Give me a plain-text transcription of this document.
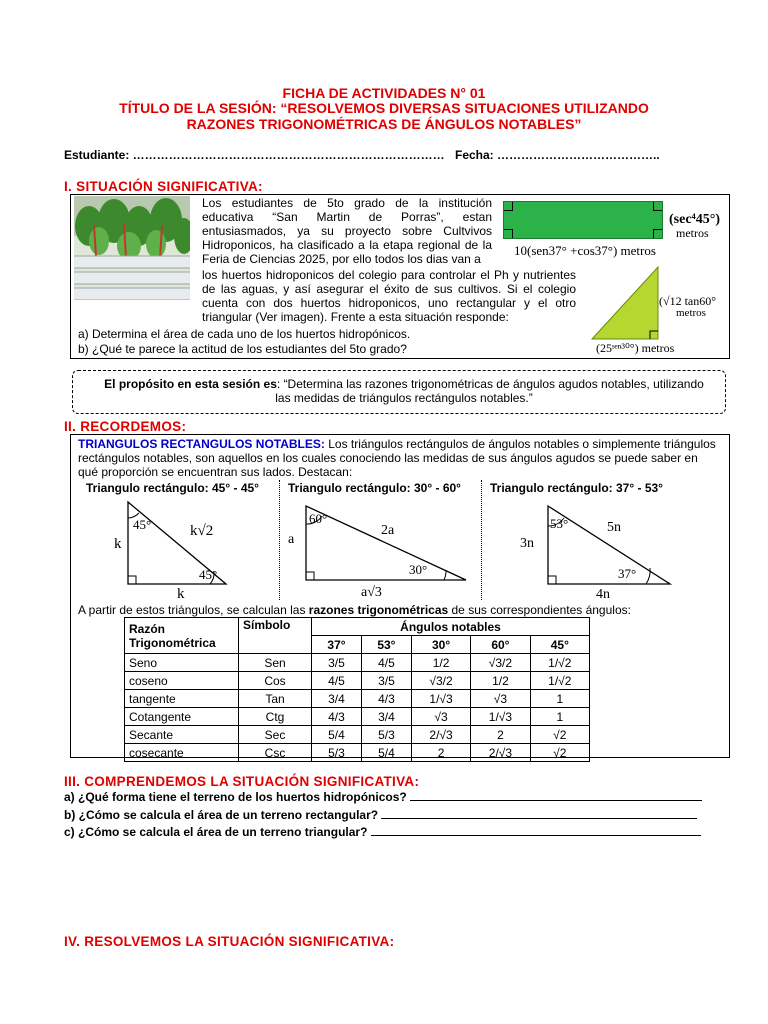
FICHA DE ACTIVIDADES N° 01
TÍTULO DE LA SESIÓN: “RESOLVEMOS DIVERSAS SITUACIONES UTILIZANDO
RAZONES TRIGONOMÉTRICAS DE ÁNGULOS NOTABLES”
Estudiante: …………………………………………………………………… Fecha: …………………………………..
I. SITUACIÓN SIGNIFICATIVA:
Los estudiantes de 5to grado de la institución educativa “San Martin de Porras”, estan entusiasmados, ya su proyecto sobre Cultvivos Hidroponicos, ha clasificado a la etapa regional de la Feria de Ciencias 2025, por ello todos los dias van a
los huertos hidroponicos del colegio para controlar el Ph y nutrientes de las aguas, y así asegurar el éxito de sus cultivos. Si el colegio cuenta con dos huertos hidroponicos, uno rectangular y el otro triangular (Ver imagen). Frente a esta situación responde:
a) Determina el área de cada uno de los huertos hidropónicos.
b) ¿Qué te parece la actitud de los estudiantes del 5to grado?
(sec⁴45°)
metros
10(sen37° +cos37°) metros
(√12 tan60°
metros
(25ˢᵉⁿ³⁰°) metros
El propósito en esta sesión es: “Determina las razones trigonométricas de ángulos agudos notables, utilizando las medidas de triángulos rectángulos notables.”
II. RECORDEMOS:
TRIANGULOS RECTANGULOS NOTABLES: Los triángulos rectángulos de ángulos notables o simplemente triángulos rectángulos notables, son aquellos en los cuales conociendo las medidas de sus ángulos agudos se puede saber en qué proporción se encuentran sus lados. Destacan:
Triangulo rectángulo: 45° - 45° Triangulo rectángulo: 30° - 60° Triangulo rectángulo: 37° - 53°
45°
45°
k
k
k√2
60°
30°
a
a√3
2a	53°
37°
3n
4n
5n
A partir de estos triángulos, se calculan las razones trigonométricas de sus correspondientes ángulos:
Razón Trigonométrica	Símbolo	Ángulos notables				
		37°	53°	30°	60°	45°
Seno	Sen	3/5	4/5	1/2	√3/2	1/√2
coseno	Cos	4/5	3/5	√3/2	1/2	1/√2
tangente	Tan	3/4	4/3	1/√3	√3	1
Cotangente	Ctg	4/3	3/4	√3	1/√3	1
Secante	Sec	5/4	5/3	2/√3	2	√2
cosecante	Csc	5/3	5/4	2	2/√3	√2
III. COMPRENDEMOS LA SITUACIÓN SIGNIFICATIVA:
a) ¿Qué forma tiene el terreno de los huertos hidropónicos?
b) ¿Cómo se calcula el área de un terreno rectangular?
c) ¿Cómo se calcula el área de un terreno triangular?
IV. RESOLVEMOS LA SITUACIÓN SIGNIFICATIVA:
